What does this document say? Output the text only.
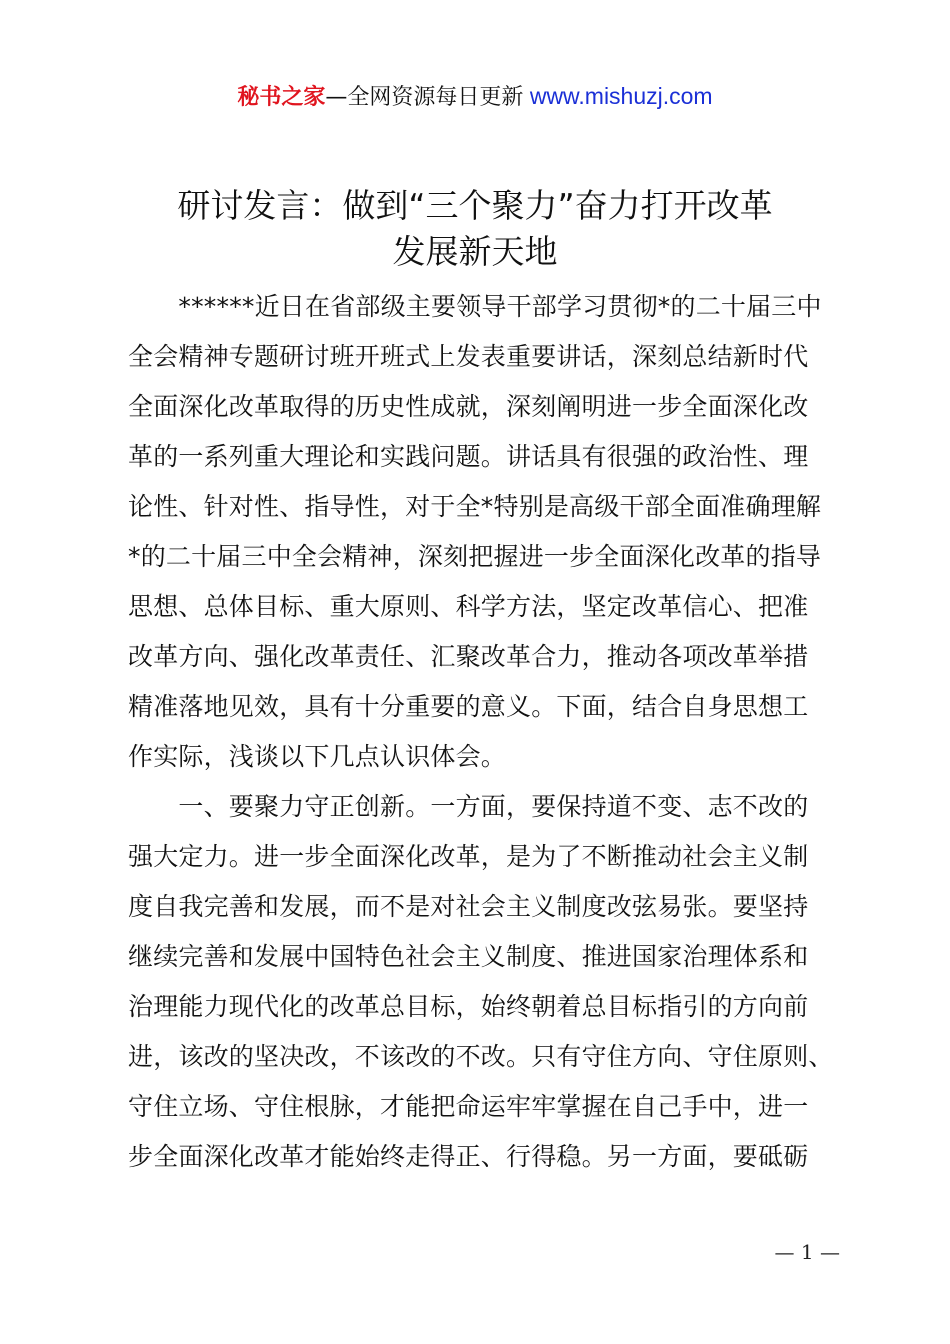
秘书之家—全网资源每日更新 www.mishuzj.com
研讨发言：做到“三个聚力”奋力打开改革
发展新天地
　　******近日在省部级主要领导干部学习贯彻*的二十届三中
全会精神专题研讨班开班式上发表重要讲话，深刻总结新时代
全面深化改革取得的历史性成就，深刻阐明进一步全面深化改
革的一系列重大理论和实践问题。讲话具有很强的政治性、理
论性、针对性、指导性，对于全*特别是高级干部全面准确理解
*的二十届三中全会精神，深刻把握进一步全面深化改革的指导
思想、总体目标、重大原则、科学方法，坚定改革信心、把准
改革方向、强化改革责任、汇聚改革合力，推动各项改革举措
精准落地见效，具有十分重要的意义。下面，结合自身思想工
作实际，浅谈以下几点认识体会。
　　一、要聚力守正创新。一方面，要保持道不变、志不改的
强大定力。进一步全面深化改革，是为了不断推动社会主义制
度自我完善和发展，而不是对社会主义制度改弦易张。要坚持
继续完善和发展中国特色社会主义制度、推进国家治理体系和
治理能力现代化的改革总目标，始终朝着总目标指引的方向前
进，该改的坚决改，不该改的不改。只有守住方向、守住原则、
守住立场、守住根脉，才能把命运牢牢掌握在自己手中，进一
步全面深化改革才能始终走得正、行得稳。另一方面，要砥砺
— 1 —
